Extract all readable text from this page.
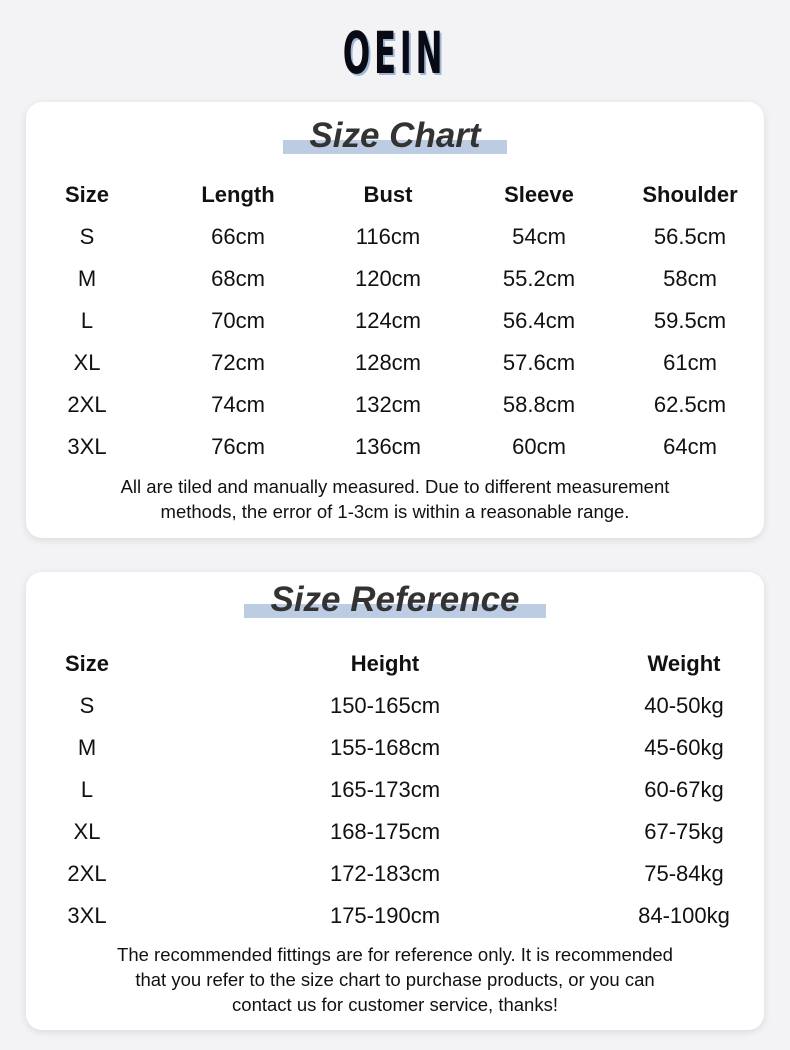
OEIN
Size Chart
Size	Length	Bust	Sleeve	Shoulder
S	66cm	116cm	54cm	56.5cm
M	68cm	120cm	55.2cm	58cm
L	70cm	124cm	56.4cm	59.5cm
XL	72cm	128cm	57.6cm	61cm
2XL	74cm	132cm	58.8cm	62.5cm
3XL	76cm	136cm	60cm	64cm
All are tiled and manually measured. Due to different measurement
methods, the error of 1-3cm is within a reasonable range.
Size Reference
Size	Height	Weight
S	150-165cm	40-50kg
M	155-168cm	45-60kg
L	165-173cm	60-67kg
XL	168-175cm	67-75kg
2XL	172-183cm	75-84kg
3XL	175-190cm	84-100kg
The recommended fittings are for reference only. It is recommended
that you refer to the size chart to purchase products, or you can
contact us for customer service, thanks!
